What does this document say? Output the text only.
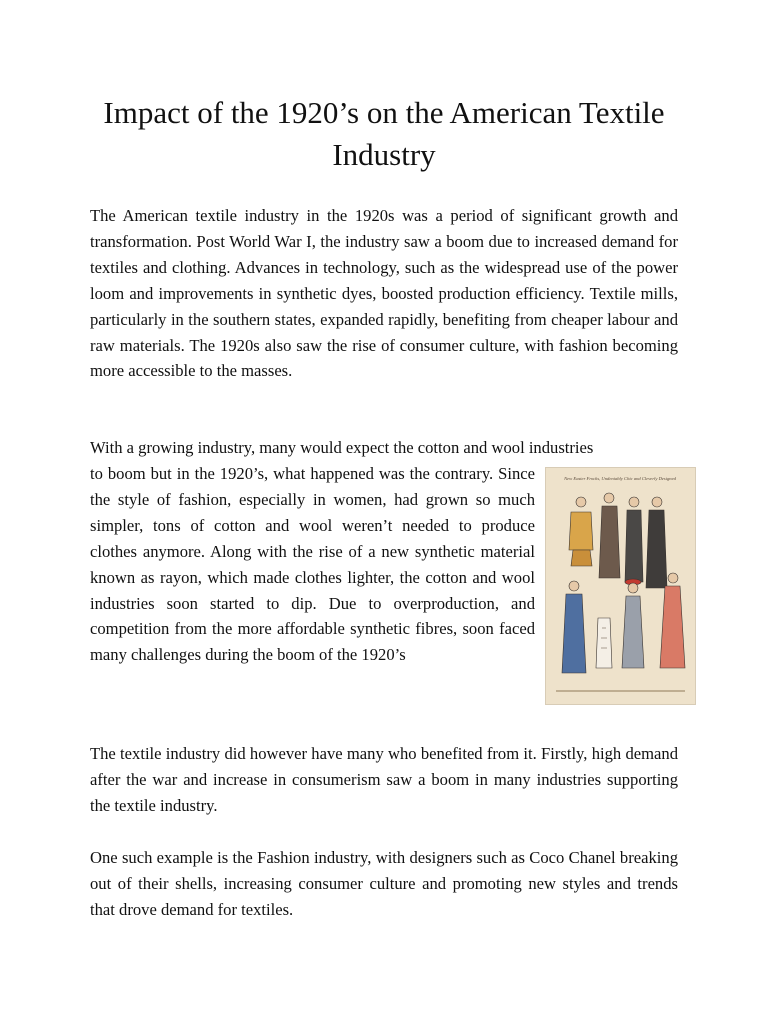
Impact of the 1920’s on the American Textile Industry

The American textile industry in the 1920s was a period of significant growth and transformation. Post World War I, the industry saw a boom due to increased demand for textiles and clothing. Advances in technology, such as the widespread use of the power loom and improvements in synthetic dyes, boosted production efficiency. Textile mills, particularly in the southern states, expanded rapidly, benefiting from cheaper labour and raw materials. The 1920s also saw the rise of consumer culture, with fashion becoming more accessible to the masses.

With a growing industry, many would expect the cotton and wool industries

to boom but in the 1920’s, what happened was the contrary. Since the style of fashion, especially in women, had grown so much simpler, tons of cotton and wool weren’t needed to produce clothes anymore. Along with the rise of a new synthetic material known as rayon, which made clothes lighter, the cotton and wool industries soon started to dip. Due to overproduction, and competition from the more affordable synthetic fibres, soon faced many challenges during the boom of the 1920’s

New Easter Frocks, Undeniably Chic and Cleverly Designed

The textile industry did however have many who benefited from it. Firstly, high demand after the war and increase in consumerism saw a boom in many industries supporting the textile industry.

One such example is the Fashion industry, with designers such as Coco Chanel breaking out of their shells, increasing consumer culture and promoting new styles and trends that drove demand for textiles.
